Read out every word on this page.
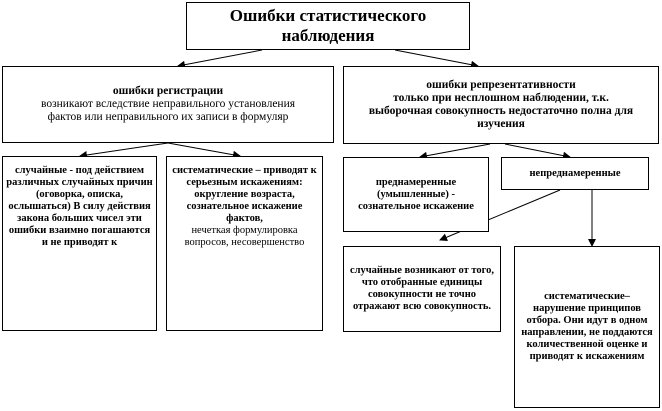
Ошибки статистического наблюдения
ошибки регистрации
возникают вследствие неправильного установления фактов или неправильного их записи в формуляр
ошибки репрезентативности
только при несплошном наблюдении, т.к. выборочная совокупность недостаточно полна для изучения
случайные - под действием различных случайных причин (оговорка, описка, ослышаться) В силу действия закона больших чисел эти ошибки взаимно погашаются и не приводят к
систематические – приводят к серьезным искажениям: округление возраста, сознательное искажение фактов,
нечеткая формулировка вопросов, несовершенство
преднамеренные (умышленные) - сознательное искажение
непреднамеренные
случайные возникают от того, что отобранные единицы совокупности не точно отражают всю совокупность.
систематические– нарушение принципов отбора. Они идут в одном направлении, не поддаются количественной оценке и приводят к искажениям
